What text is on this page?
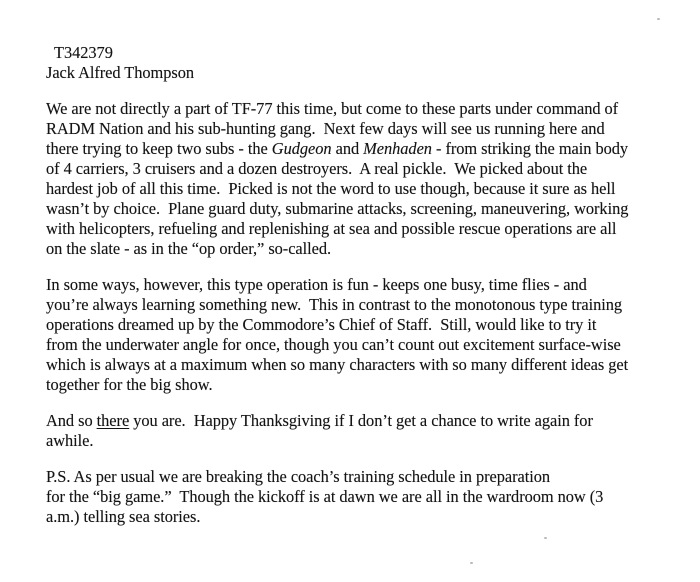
T342379
Jack Alfred Thompson
We are not directly a part of TF-77 this time, but come to these parts under command of
RADM Nation and his sub-hunting gang.  Next few days will see us running here and
there trying to keep two subs - the Gudgeon and Menhaden - from striking the main body
of 4 carriers, 3 cruisers and a dozen destroyers.  A real pickle.  We picked about the
hardest job of all this time.  Picked is not the word to use though, because it sure as hell
wasn’t by choice.  Plane guard duty, submarine attacks, screening, maneuvering, working
with helicopters, refueling and replenishing at sea and possible rescue operations are all
on the slate - as in the “op order,” so-called.
In some ways, however, this type operation is fun - keeps one busy, time flies - and
you’re always learning something new.  This in contrast to the monotonous type training
operations dreamed up by the Commodore’s Chief of Staff.  Still, would like to try it
from the underwater angle for once, though you can’t count out excitement surface-wise
which is always at a maximum when so many characters with so many different ideas get
together for the big show.
And so there you are.  Happy Thanksgiving if I don’t get a chance to write again for
awhile.
P.S. As per usual we are breaking the coach’s training schedule in preparation
for the “big game.”  Though the kickoff is at dawn we are all in the wardroom now (3
a.m.) telling sea stories.
